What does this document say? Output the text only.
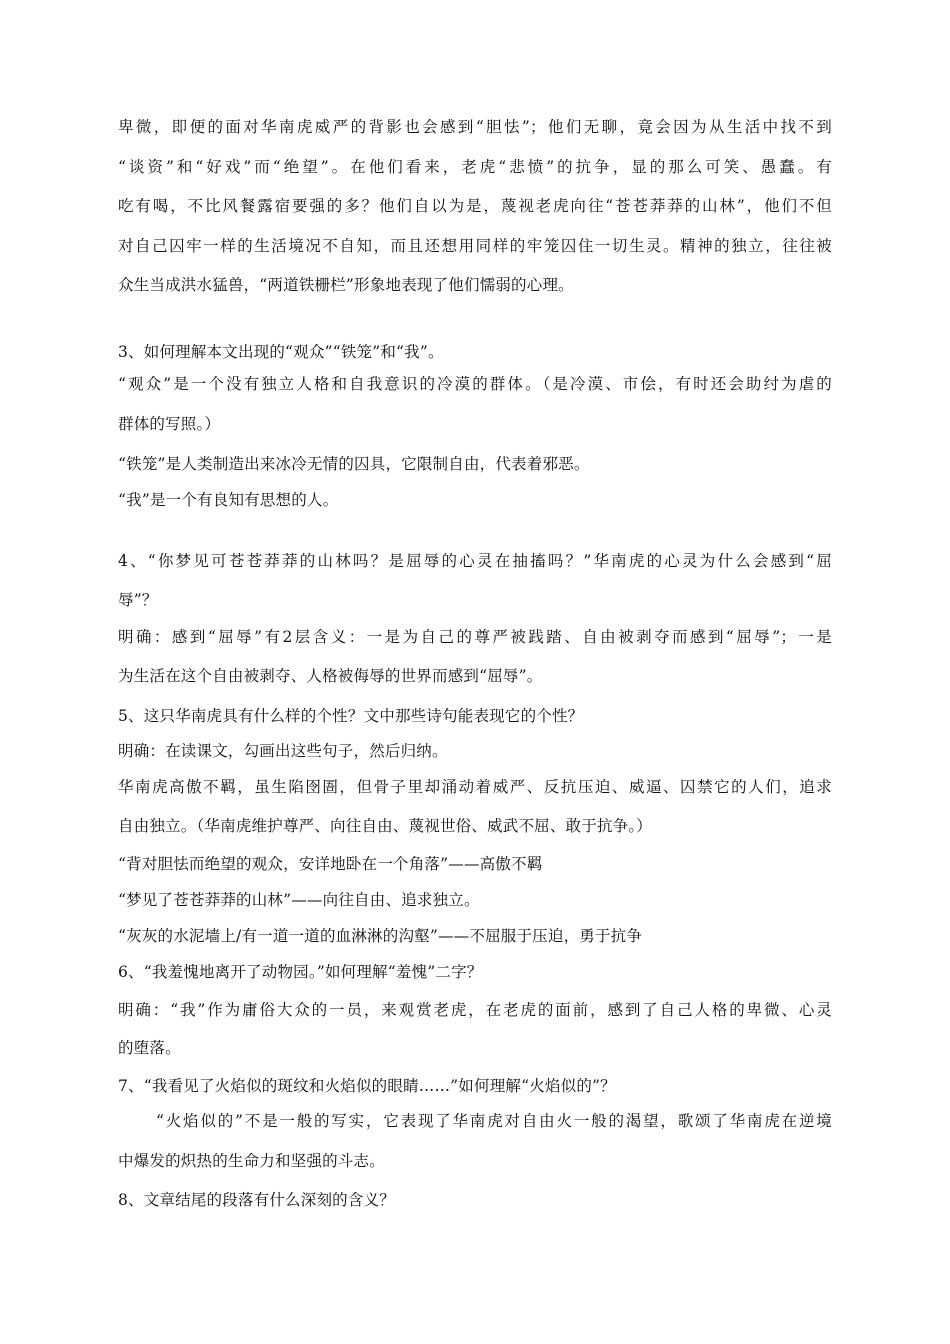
卑微，即便的面对华南虎威严的背影也会感到“胆怯”；他们无聊，竟会因为从生活中找不到
“谈资”和“好戏”而“绝望”。在他们看来，老虎“悲愤”的抗争，显的那么可笑、愚蠢。有
吃有喝，不比风餐露宿要强的多？他们自以为是，蔑视老虎向往“苍苍莽莽的山林”，他们不但
对自己囚牢一样的生活境况不自知，而且还想用同样的牢笼囚住一切生灵。精神的独立，往往被
众生当成洪水猛兽，“两道铁栅栏”形象地表现了他们懦弱的心理。
3、如何理解本文出现的“观众”“铁笼”和“我”。
“观众”是一个没有独立人格和自我意识的冷漠的群体。（是冷漠、市侩，有时还会助纣为虐的
群体的写照。）
“铁笼”是人类制造出来冰冷无情的囚具，它限制自由，代表着邪恶。
“我”是一个有良知有思想的人。
4、“你梦见可苍苍莽莽的山林吗？是屈辱的心灵在抽搐吗？”华南虎的心灵为什么会感到“屈
辱”？
明确：感到“屈辱”有2层含义：一是为自己的尊严被践踏、自由被剥夺而感到“屈辱”；一是
为生活在这个自由被剥夺、人格被侮辱的世界而感到“屈辱”。
5、这只华南虎具有什么样的个性？文中那些诗句能表现它的个性？
明确：在读课文，勾画出这些句子，然后归纳。
华南虎高傲不羁，虽生陷囹圄，但骨子里却涌动着威严、反抗压迫、威逼、囚禁它的人们，追求
自由独立。（华南虎维护尊严、向往自由、蔑视世俗、威武不屈、敢于抗争。）
“背对胆怯而绝望的观众，安详地卧在一个角落”——高傲不羁
“梦见了苍苍莽莽的山林”——向往自由、追求独立。
“灰灰的水泥墙上/有一道一道的血淋淋的沟壑”——不屈服于压迫，勇于抗争
6、“我羞愧地离开了动物园。”如何理解“羞愧”二字？
明确：“我”作为庸俗大众的一员，来观赏老虎，在老虎的面前，感到了自己人格的卑微、心灵
的堕落。
7、“我看见了火焰似的斑纹和火焰似的眼睛……”如何理解“火焰似的”？
“火焰似的”不是一般的写实，它表现了华南虎对自由火一般的渴望，歌颂了华南虎在逆境
中爆发的炽热的生命力和坚强的斗志。
8、文章结尾的段落有什么深刻的含义？
